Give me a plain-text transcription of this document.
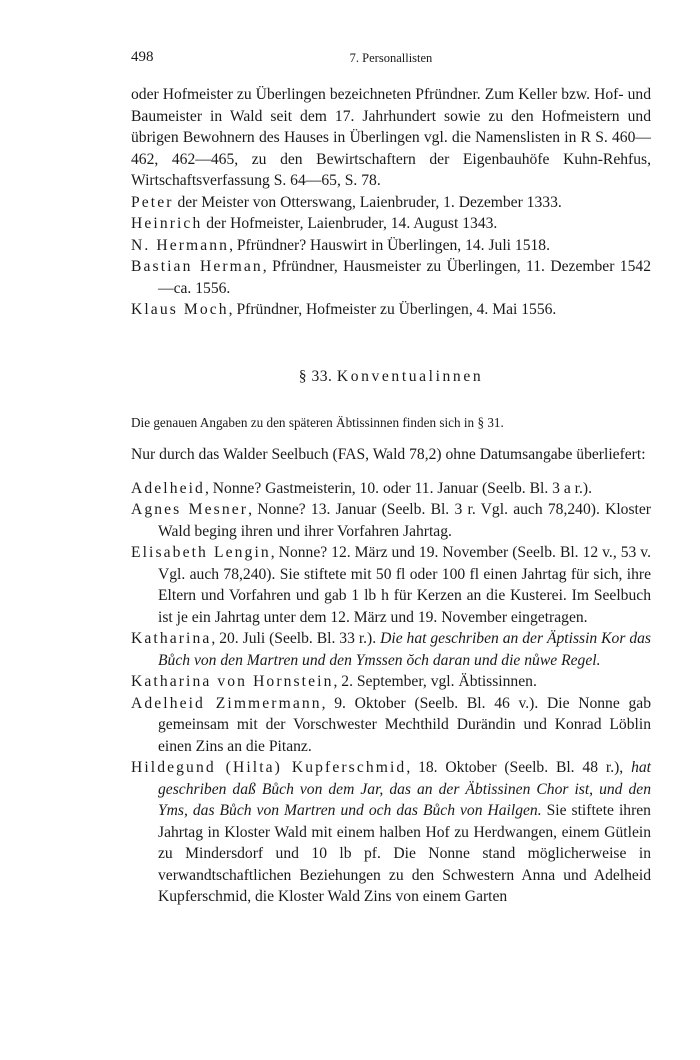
498	7. Personallisten

oder Hofmeister zu Überlingen bezeichneten Pfründner. Zum Keller bzw. Hof- und Baumeister in Wald seit dem 17. Jahrhundert sowie zu den Hofmeistern und übrigen Bewohnern des Hauses in Überlingen vgl. die Namenslisten in R S. 460—462, 462—465, zu den Bewirtschaftern der Eigenbauhöfe Kuhn-Rehfus, Wirtschaftsverfassung S. 64—65, S. 78.

Peter der Meister von Otterswang, Laienbruder, 1. Dezember 1333.

Heinrich der Hofmeister, Laienbruder, 14. August 1343.

N. Hermann, Pfründner? Hauswirt in Überlingen, 14. Juli 1518.

Bastian Herman, Pfründner, Hausmeister zu Überlingen, 11. Dezember 1542—ca. 1556.

Klaus Moch, Pfründner, Hofmeister zu Überlingen, 4. Mai 1556.

§ 33. Konventualinnen
Die genauen Angaben zu den späteren Äbtissinnen finden sich in § 31.

Nur durch das Walder Seelbuch (FAS, Wald 78,2) ohne Datumsangabe überliefert:

Adelheid, Nonne? Gastmeisterin, 10. oder 11. Januar (Seelb. Bl. 3 a r.).

Agnes Mesner, Nonne? 13. Januar (Seelb. Bl. 3 r. Vgl. auch 78,240). Kloster Wald beging ihren und ihrer Vorfahren Jahrtag.

Elisabeth Lengin, Nonne? 12. März und 19. November (Seelb. Bl. 12 v., 53 v. Vgl. auch 78,240). Sie stiftete mit 50 fl oder 100 fl einen Jahrtag für sich, ihre Eltern und Vorfahren und gab 1 lb h für Kerzen an die Kusterei. Im Seelbuch ist je ein Jahrtag unter dem 12. März und 19. November eingetragen.

Katharina, 20. Juli (Seelb. Bl. 33 r.). Die hat geschriben an der Äptissin Kor das Bůch von den Martren und den Ymssen ŏch daran und die nůwe Regel.

Katharina von Hornstein, 2. September, vgl. Äbtissinnen.

Adelheid Zimmermann, 9. Oktober (Seelb. Bl. 46 v.). Die Nonne gab gemeinsam mit der Vorschwester Mechthild Durändin und Konrad Löblin einen Zins an die Pitanz.

Hildegund (Hilta) Kupferschmid, 18. Oktober (Seelb. Bl. 48 r.), hat geschriben daß Bůch von dem Jar, das an der Äbtissinen Chor ist, und den Yms, das Bůch von Martren und och das Bůch von Hailgen. Sie stiftete ihren Jahrtag in Kloster Wald mit einem halben Hof zu Herdwangen, einem Gütlein zu Mindersdorf und 10 lb pf. Die Nonne stand möglicherweise in verwandtschaftlichen Beziehungen zu den Schwestern Anna und Adelheid Kupferschmid, die Kloster Wald Zins von einem Garten
